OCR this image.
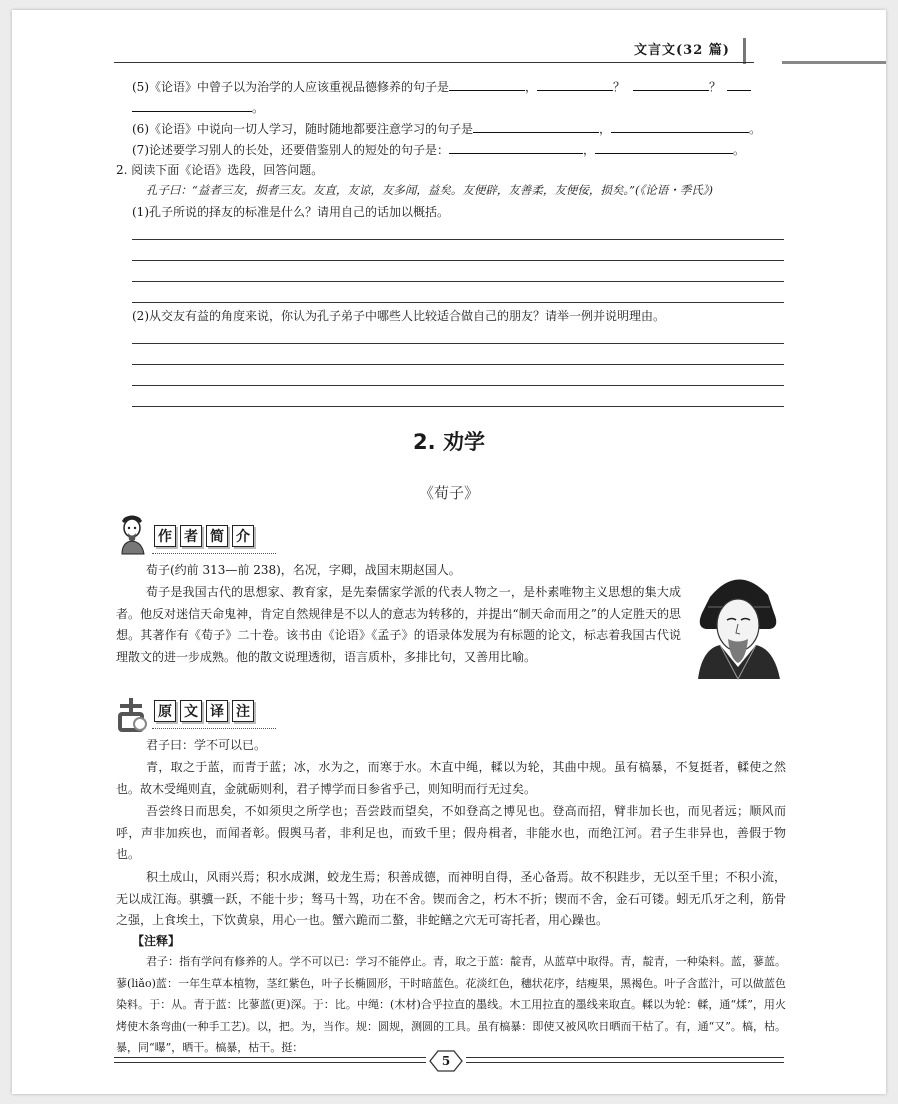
文言文(32 篇)
(5)《论语》中曾子以为治学的人应该重视品德修养的句子是	，	？	？
。
(6)《论语》中说向一切人学习，随时随地都要注意学习的句子是	，	。
(7)论述要学习别人的长处，还要借鉴别人的短处的句子是：	，	。
2. 阅读下面《论语》选段，回答问题。
孔子曰：“益者三友，损者三友。友直，友谅，友多闻，益矣。友便辟，友善柔，友便佞，损矣。”(《论语・季氏》)
(1)孔子所说的择友的标准是什么？请用自己的话加以概括。
(2)从交友有益的角度来说，你认为孔子弟子中哪些人比较适合做自己的朋友？请举一例并说明理由。
2. 劝学
《荀子》
作 者 简 介
荀子(约前 313—前 238)，名况，字卿，战国末期赵国人。
荀子是我国古代的思想家、教育家，是先秦儒家学派的代表人物之一，是朴素唯物主义思想的集大成者。他反对迷信天命鬼神，肯定自然规律是不以人的意志为转移的，并提出“制天命而用之”的人定胜天的思想。其著作有《荀子》二十卷。该书由《论语》《孟子》的语录体发展为有标题的论文，标志着我国古代说理散文的进一步成熟。他的散文说理透彻，语言质朴，多排比句，又善用比喻。
原 文 译 注
君子曰：学不可以已。
青，取之于蓝，而青于蓝；冰，水为之，而寒于水。木直中绳，輮以为轮，其曲中规。虽有槁暴，不复挺者，輮使之然也。故木受绳则直，金就砺则利，君子博学而日参省乎己，则知明而行无过矣。
吾尝终日而思矣，不如须臾之所学也；吾尝跂而望矣，不如登高之博见也。登高而招，臂非加长也，而见者远；顺风而呼，声非加疾也，而闻者彰。假舆马者，非利足也，而致千里；假舟楫者，非能水也，而绝江河。君子生非异也，善假于物也。
积土成山，风雨兴焉；积水成渊，蛟龙生焉；积善成德，而神明自得，圣心备焉。故不积跬步，无以至千里；不积小流，无以成江海。骐骥一跃，不能十步；驽马十驾，功在不舍。锲而舍之，朽木不折；锲而不舍，金石可镂。蚓无爪牙之利，筋骨之强，上食埃土，下饮黄泉，用心一也。蟹六跪而二螯，非蛇鳝之穴无可寄托者，用心躁也。
【注释】
君子：指有学问有修养的人。学不可以已：学习不能停止。青，取之于蓝：靛青，从蓝草中取得。青，靛青，一种染料。蓝，蓼蓝。蓼(liǎo)蓝：一年生草本植物，茎红紫色，叶子长椭圆形，干时暗蓝色。花淡红色，穗状花序，结瘦果，黑褐色。叶子含蓝汁，可以做蓝色染料。于：从。青于蓝：比蓼蓝(更)深。于：比。中绳：(木材)合乎拉直的墨线。木工用拉直的墨线来取直。輮以为轮：輮，通“煣”，用火烤使木条弯曲(一种手工艺)。以，把。为，当作。规：圆规，测圆的工具。虽有槁暴：即使又被风吹日晒而干枯了。有，通“又”。槁，枯。暴，同“曝”，晒干。槁暴，枯干。挺：
5
